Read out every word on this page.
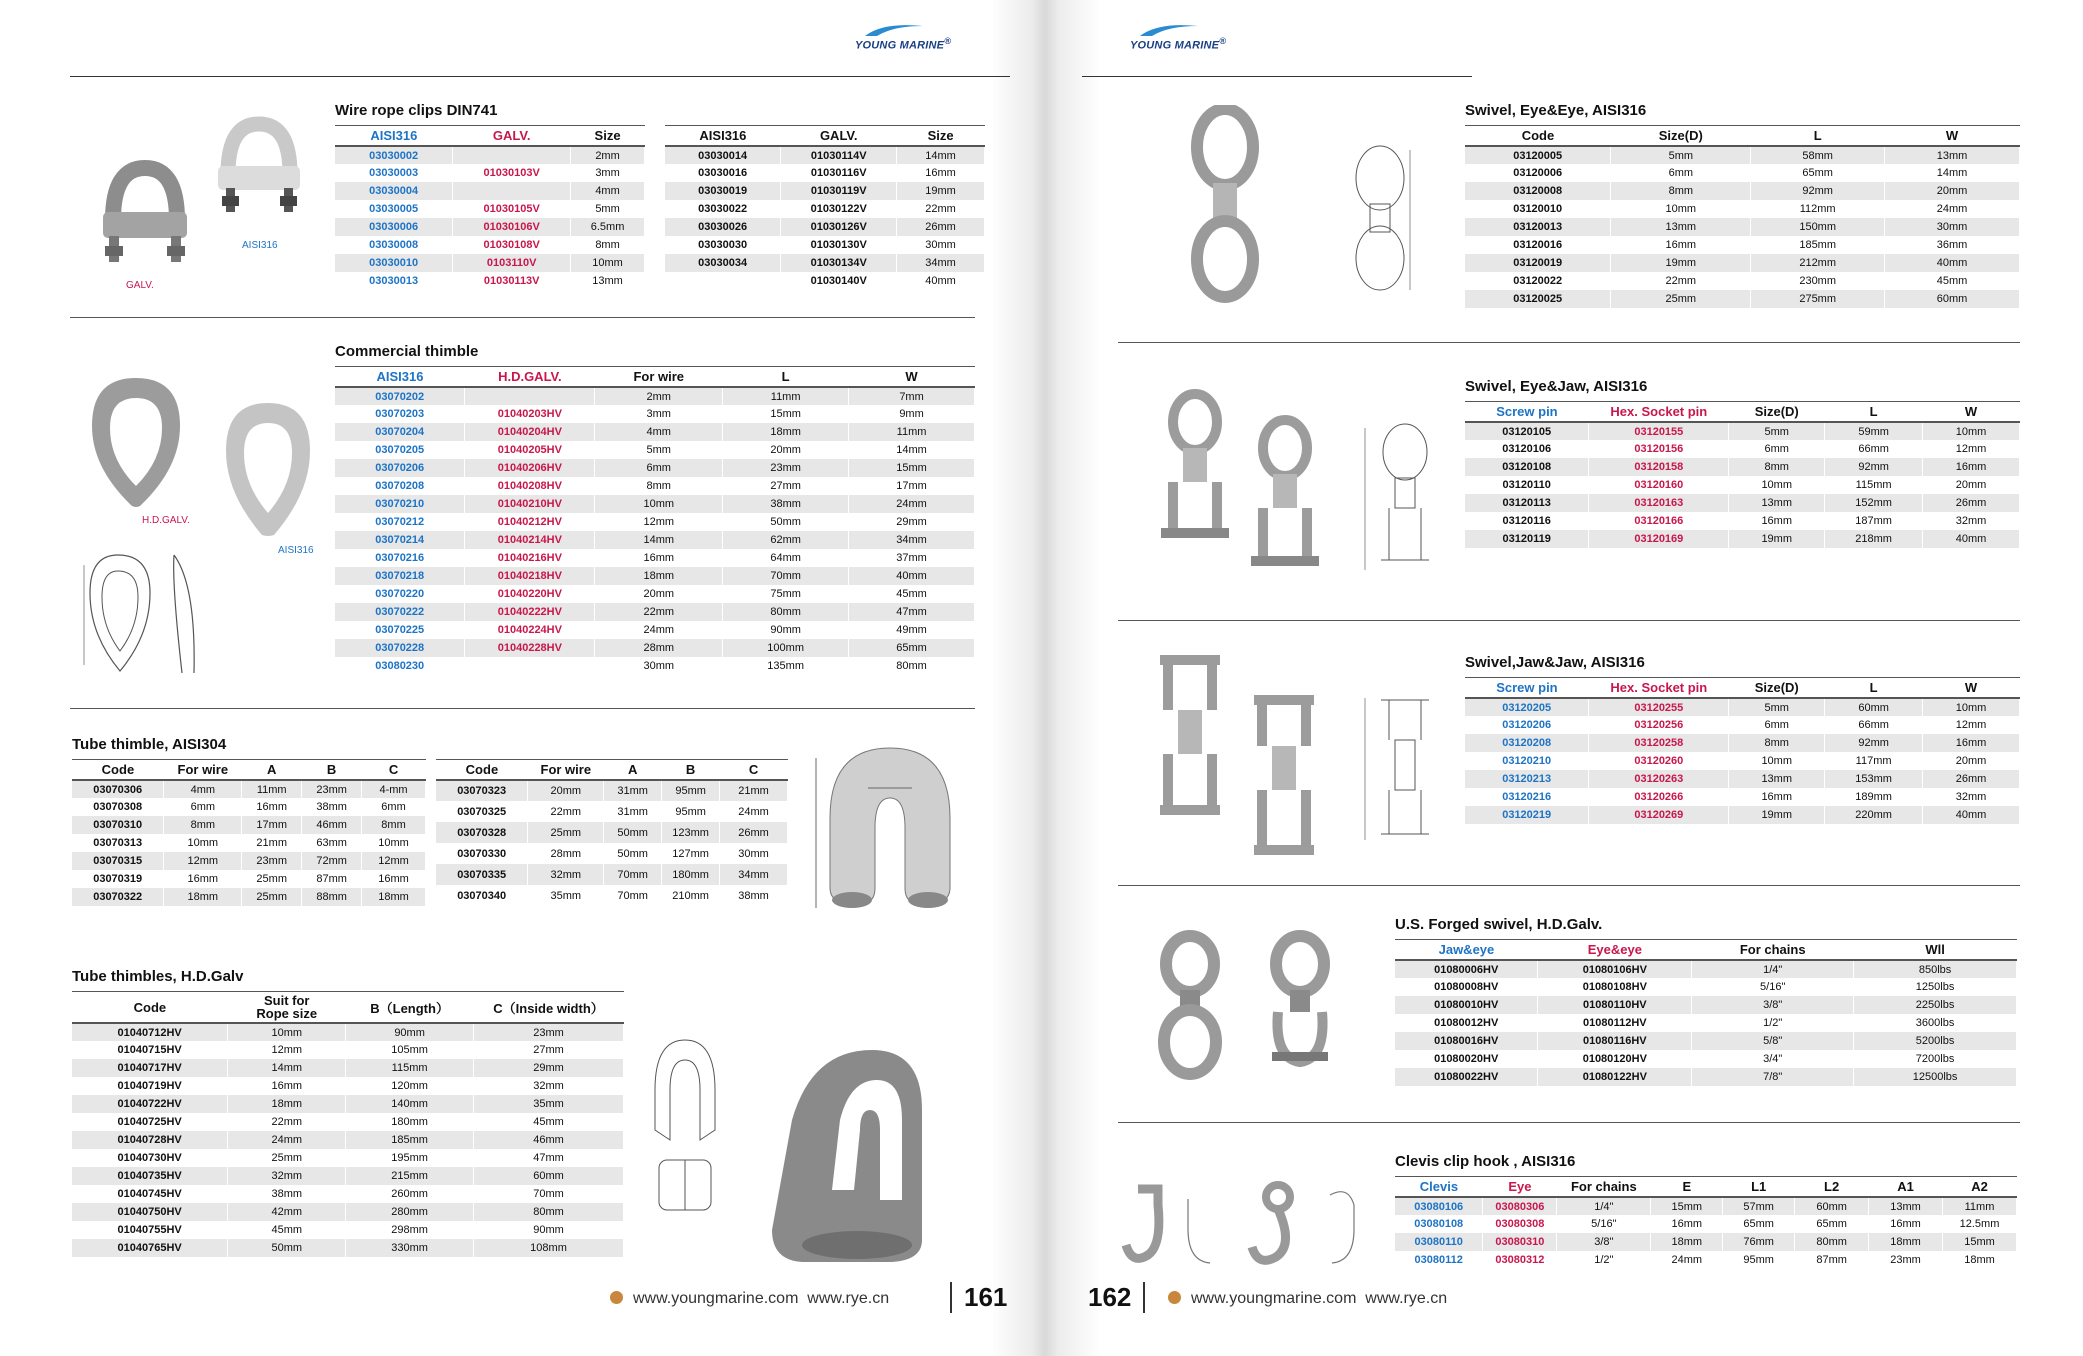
YOUNG MARINE®	YOUNG MARINE®
GALV.
AISI316
Wire rope clips DIN741
AISI316	GALV.	Size
03030002		2mm
03030003	01030103V	3mm
03030004		4mm
03030005	01030105V	5mm
03030006	01030106V	6.5mm
03030008	01030108V	8mm
03030010	0103110V	10mm
03030013	01030113V	13mm
AISI316	GALV.	Size
03030014	01030114V	14mm
03030016	01030116V	16mm
03030019	01030119V	19mm
03030022	01030122V	22mm
03030026	01030126V	26mm
03030030	01030130V	30mm
03030034	01030134V	34mm
	01030140V	40mm
H.D.GALV.
AISI316
Commercial thimble
AISI316	H.D.GALV.	For wire	L	W
03070202		2mm	11mm	7mm
03070203	01040203HV	3mm	15mm	9mm
03070204	01040204HV	4mm	18mm	11mm
03070205	01040205HV	5mm	20mm	14mm
03070206	01040206HV	6mm	23mm	15mm
03070208	01040208HV	8mm	27mm	17mm
03070210	01040210HV	10mm	38mm	24mm
03070212	01040212HV	12mm	50mm	29mm
03070214	01040214HV	14mm	62mm	34mm
03070216	01040216HV	16mm	64mm	37mm
03070218	01040218HV	18mm	70mm	40mm
03070220	01040220HV	20mm	75mm	45mm
03070222	01040222HV	22mm	80mm	47mm
03070225	01040224HV	24mm	90mm	49mm
03070228	01040228HV	28mm	100mm	65mm
03080230		30mm	135mm	80mm
Tube thimble, AISI304
Code	For wire	A	B	C
03070306	4mm	11mm	23mm	4-mm
03070308	6mm	16mm	38mm	6mm
03070310	8mm	17mm	46mm	8mm
03070313	10mm	21mm	63mm	10mm
03070315	12mm	23mm	72mm	12mm
03070319	16mm	25mm	87mm	16mm
03070322	18mm	25mm	88mm	18mm
Code	For wire	A	B	C
03070323	20mm	31mm	95mm	21mm
03070325	22mm	31mm	95mm	24mm
03070328	25mm	50mm	123mm	26mm
03070330	28mm	50mm	127mm	30mm
03070335	32mm	70mm	180mm	34mm
03070340	35mm	70mm	210mm	38mm
Tube thimbles, H.D.Galv
Code	Suit for
Rope size	B（Length）	C（Inside width）
01040712HV	10mm	90mm	23mm
01040715HV	12mm	105mm	27mm
01040717HV	14mm	115mm	29mm
01040719HV	16mm	120mm	32mm
01040722HV	18mm	140mm	35mm
01040725HV	22mm	180mm	45mm
01040728HV	24mm	185mm	46mm
01040730HV	25mm	195mm	47mm
01040735HV	32mm	215mm	60mm
01040745HV	38mm	260mm	70mm
01040750HV	42mm	280mm	80mm
01040755HV	45mm	298mm	90mm
01040765HV	50mm	330mm	108mm
Swivel, Eye&Eye, AISI316
Code	Size(D)	L	W
03120005	5mm	58mm	13mm
03120006	6mm	65mm	14mm
03120008	8mm	92mm	20mm
03120010	10mm	112mm	24mm
03120013	13mm	150mm	30mm
03120016	16mm	185mm	36mm
03120019	19mm	212mm	40mm
03120022	22mm	230mm	45mm
03120025	25mm	275mm	60mm
Swivel, Eye&Jaw, AISI316
Screw pin	Hex. Socket pin	Size(D)	L	W
03120105	03120155	5mm	59mm	10mm
03120106	03120156	6mm	66mm	12mm
03120108	03120158	8mm	92mm	16mm
03120110	03120160	10mm	115mm	20mm
03120113	03120163	13mm	152mm	26mm
03120116	03120166	16mm	187mm	32mm
03120119	03120169	19mm	218mm	40mm
Swivel,Jaw&Jaw, AISI316
Screw pin	Hex. Socket pin	Size(D)	L	W
03120205	03120255	5mm	60mm	10mm
03120206	03120256	6mm	66mm	12mm
03120208	03120258	8mm	92mm	16mm
03120210	03120260	10mm	117mm	20mm
03120213	03120263	13mm	153mm	26mm
03120216	03120266	16mm	189mm	32mm
03120219	03120269	19mm	220mm	40mm
U.S. Forged swivel, H.D.Galv.
Jaw&eye	Eye&eye	For chains	Wll
01080006HV	01080106HV	1/4"	850lbs
01080008HV	01080108HV	5/16"	1250lbs
01080010HV	01080110HV	3/8"	2250lbs
01080012HV	01080112HV	1/2"	3600lbs
01080016HV	01080116HV	5/8"	5200lbs
01080020HV	01080120HV	3/4"	7200lbs
01080022HV	01080122HV	7/8"	12500lbs
Clevis clip hook , AISI316
Clevis	Eye	For chains	E	L1	L2	A1	A2
03080106	03080306	1/4"	15mm	57mm	60mm	13mm	11mm
03080108	03080308	5/16"	16mm	65mm	65mm	16mm	12.5mm
03080110	03080310	3/8"	18mm	76mm	80mm	18mm	15mm
03080112	03080312	1/2"	24mm	95mm	87mm	23mm	18mm
www.youngmarine.com  www.rye.cn	161	162	www.youngmarine.com  www.rye.cn
